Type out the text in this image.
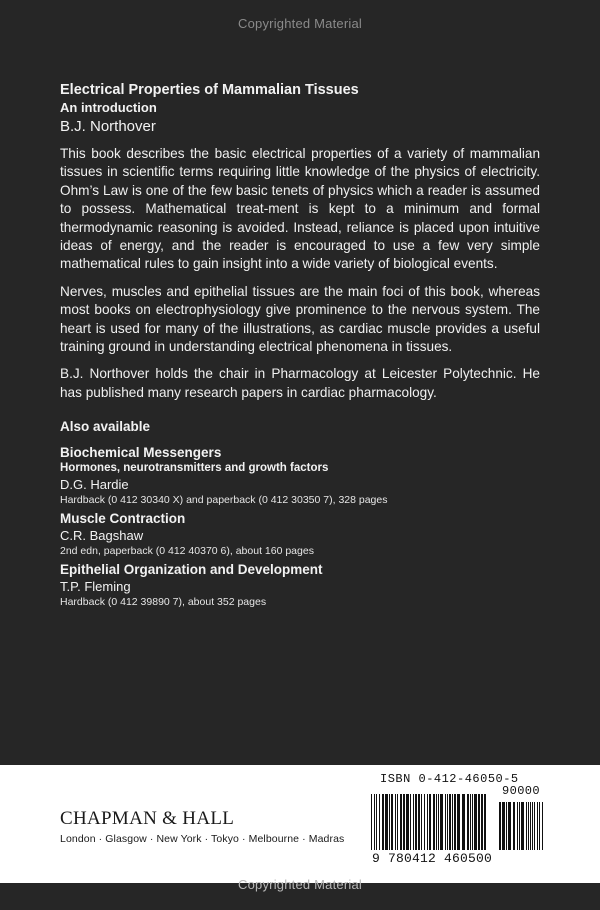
Copyrighted Material
Electrical Properties of Mammalian Tissues
An introduction
B.J. Northover

This book describes the basic electrical properties of a variety of mammalian tissues in scientific terms requiring little knowledge of the physics of electricity. Ohm’s Law is one of the few basic tenets of physics which a reader is assumed to possess. Mathematical treat-ment is kept to a minimum and formal thermodynamic reasoning is avoided. Instead, reliance is placed upon intuitive ideas of energy, and the reader is encouraged to use a few very simple mathematical rules to gain insight into a wide variety of biological events.

Nerves, muscles and epithelial tissues are the main foci of this book, whereas most books on electrophysiology give prominence to the nervous system. The heart is used for many of the illustrations, as cardiac muscle provides a useful training ground in understanding electrical phenomena in tissues.

B.J. Northover holds the chair in Pharmacology at Leicester Polytechnic. He has published many research papers in cardiac pharmacology.

Also available
Biochemical Messengers
Hormones, neurotransmitters and growth factors
D.G. Hardie
Hardback (0 412 30340 X) and paperback (0 412 30350 7), 328 pages
Muscle Contraction
C.R. Bagshaw
2nd edn, paperback (0 412 40370 6), about 160 pages
Epithelial Organization and Development
T.P. Fleming
Hardback (0 412 39890 7), about 352 pages
CHAPMAN & HALL
London · Glasgow · New York · Tokyo · Melbourne · Madras
ISBN 0-412-46050-5
90000
9 780412 460500
Copyrighted Material
